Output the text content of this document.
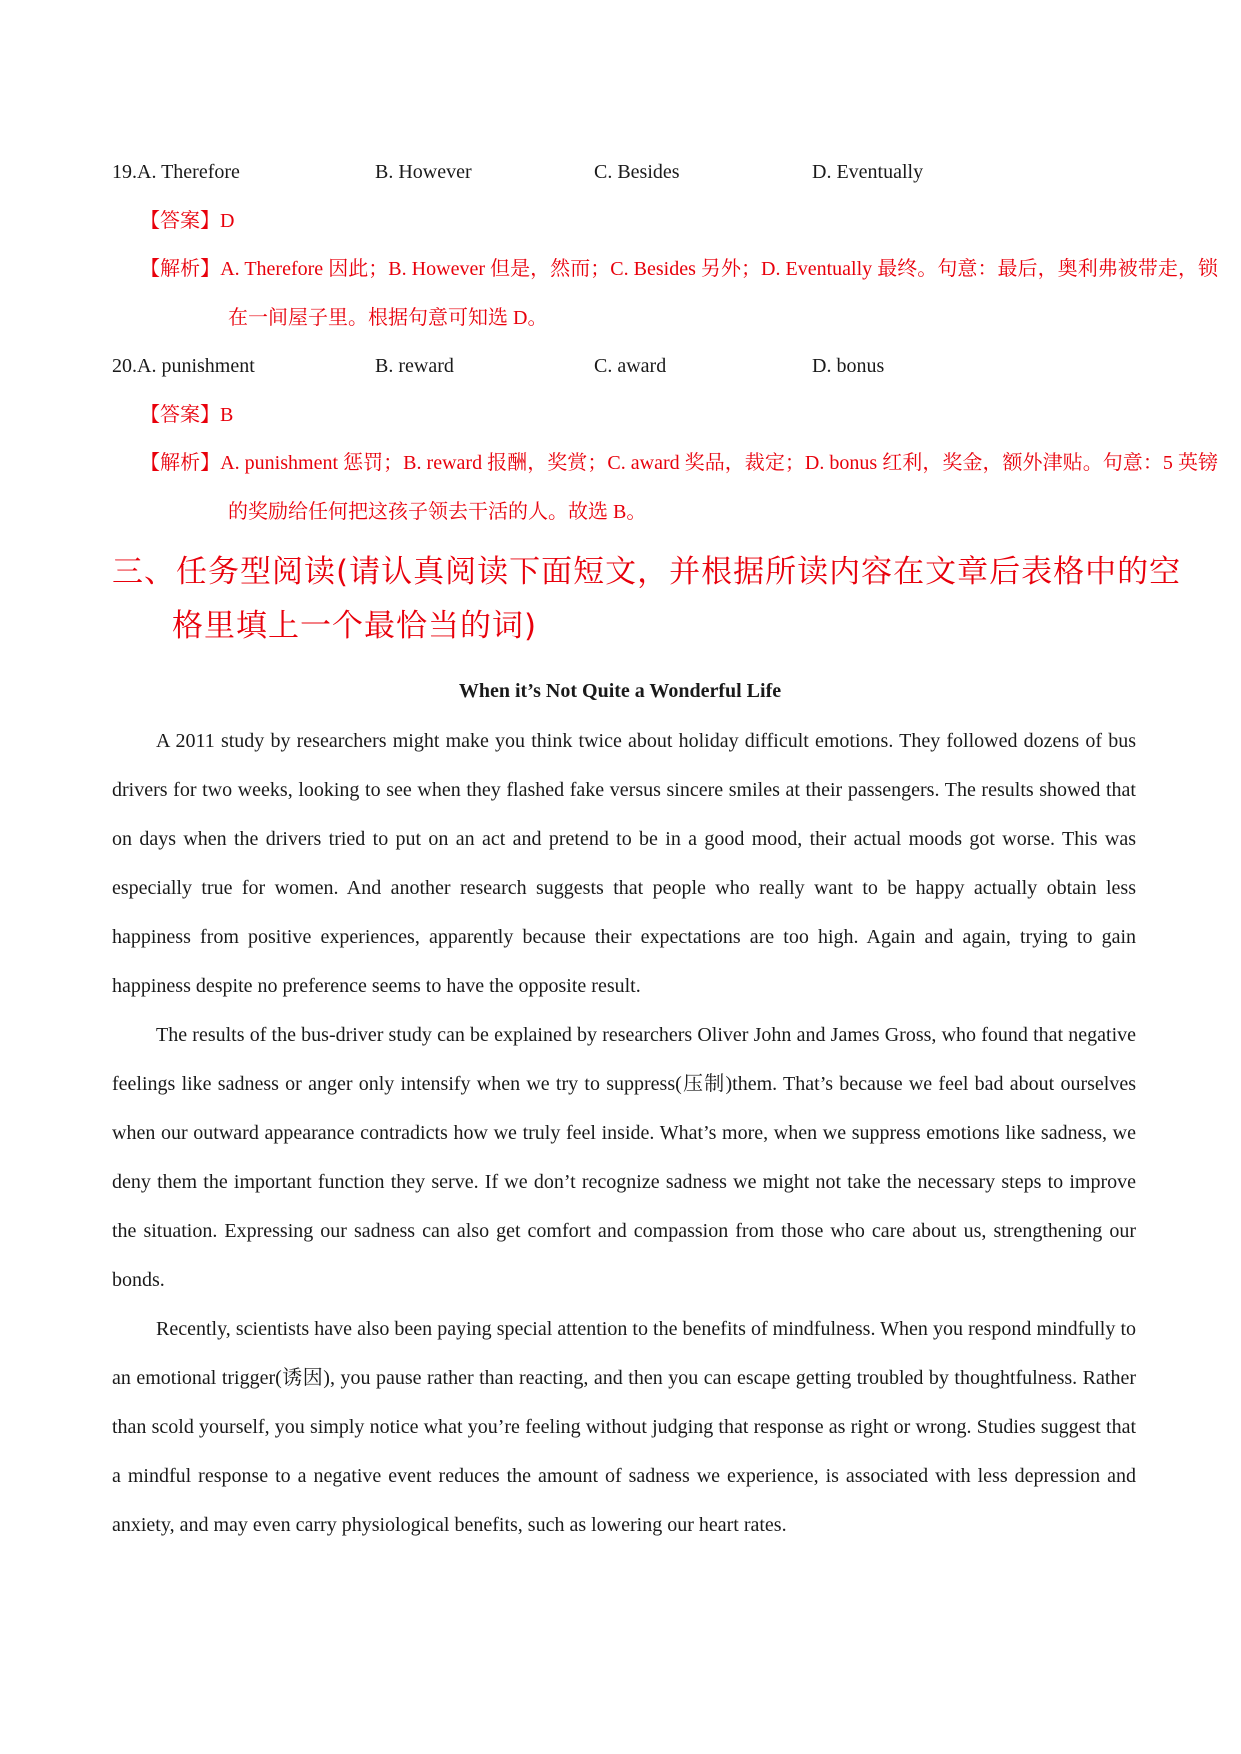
19.A. Therefore	B. However	C. Besides	D. Eventually
【答案】D
【解析】A. Therefore 因此；B. However 但是，然而；C. Besides 另外；D. Eventually 最终。句意：最后，奥利弗被带走，锁在一间屋子里。根据句意可知选 D。
20.A. punishment	B. reward	C. award	D. bonus
【答案】B
【解析】A. punishment 惩罚；B. reward 报酬，奖赏；C. award 奖品，裁定；D. bonus 红利，奖金，额外津贴。句意：5 英镑的奖励给任何把这孩子领去干活的人。故选 B。
三、任务型阅读(请认真阅读下面短文，并根据所读内容在文章后表格中的空格里填上一个最恰当的词)
When it’s Not Quite a Wonderful Life

A 2011 study by researchers might make you think twice about holiday difficult emotions. They followed dozens of bus drivers for two weeks, looking to see when they flashed fake versus sincere smiles at their passengers. The results showed that on days when the drivers tried to put on an act and pretend to be in a good mood, their actual moods got worse. This was especially true for women. And another research suggests that people who really want to be happy actually obtain less happiness from positive experiences, apparently because their expectations are too high. Again and again, trying to gain happiness despite no preference seems to have the opposite result.

The results of the bus-driver study can be explained by researchers Oliver John and James Gross, who found that negative feelings like sadness or anger only intensify when we try to suppress(压制)them. That’s because we feel bad about ourselves when our outward appearance contradicts how we truly feel inside. What’s more, when we suppress emotions like sadness, we deny them the important function they serve. If we don’t recognize sadness we might not take the necessary steps to improve the situation. Expressing our sadness can also get comfort and compassion from those who care about us, strengthening our bonds.

Recently, scientists have also been paying special attention to the benefits of mindfulness. When you respond mindfully to an emotional trigger(诱因), you pause rather than reacting, and then you can escape getting troubled by thoughtfulness. Rather than scold yourself, you simply notice what you’re feeling without judging that response as right or wrong. Studies suggest that a mindful response to a negative event reduces the amount of sadness we experience, is associated with less depression and anxiety, and may even carry physiological benefits, such as lowering our heart rates.
